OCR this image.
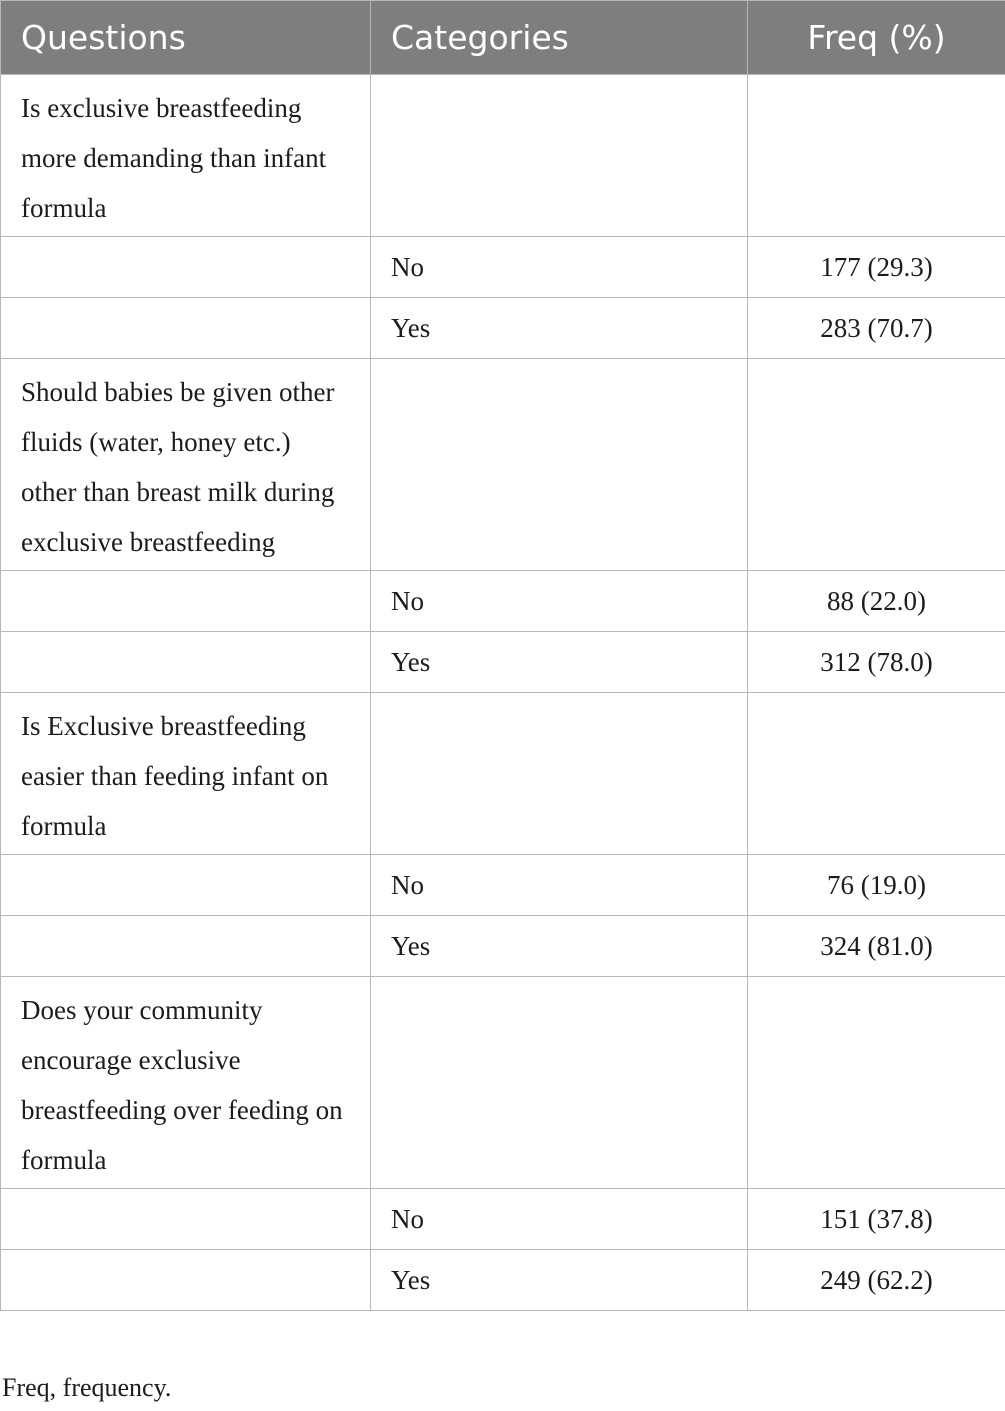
Questions	Categories	Freq (%)
Is exclusive breastfeeding more demanding than infant formula		
	No	177 (29.3)
	Yes	283 (70.7)
Should babies be given other fluids (water, honey etc.) other than breast milk during exclusive breastfeeding		
	No	88 (22.0)
	Yes	312 (78.0)
Is Exclusive breastfeeding easier than feeding infant on formula		
	No	76 (19.0)
	Yes	324 (81.0)
Does your community encourage exclusive breastfeeding over feeding on formula		
	No	151 (37.8)
	Yes	249 (62.2)
Freq, frequency.
